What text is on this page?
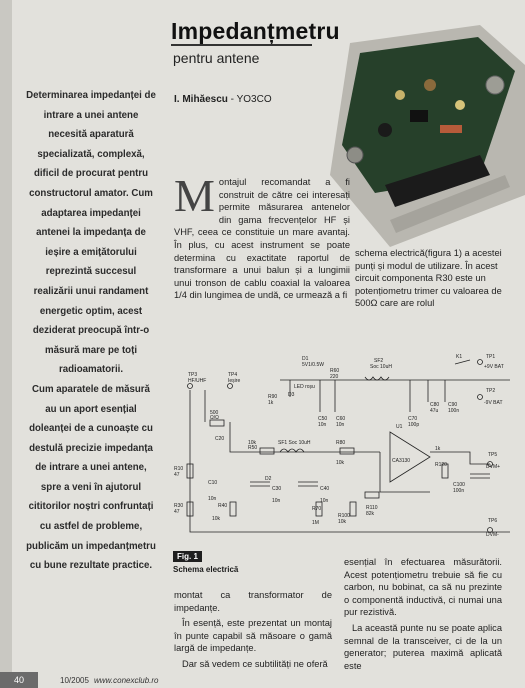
Impedanțmetru
pentru antene
I. Mihăescu - YO3CO

Determinarea impedanței de

intrare a unei antene

necesită aparatură

specializată, complexă,

dificil de procurat pentru

constructorul amator. Cum

adaptarea impedanței

antenei la impedanța de

ieșire a emițătorului

reprezintă succesul

realizării unui randament

energetic optim, acest

deziderat preocupă într-o

măsură mare pe toți

radioamatorii.

Cum aparatele de măsură

au un aport esențial

doleanței de a cunoaște cu

destulă precizie impedanța

de intrare a unei antene,

spre a veni în ajutorul

cititorilor noștri confruntați

cu astfel de probleme,

publicăm un impedanțmetru

cu bune rezultate practice.

M ontajul recomandat a fi construit de către cei interesați permite măsurarea antenelor din gama frecvențelor HF și VHF, ceea ce constituie un mare avantaj. În plus, cu acest instrument se poate determina cu exactitate raportul de transformare a unui balun și a lungimii unui tronson de cablu coaxial la valoarea 1/4 din lungimea de undă, ce urmează a fi

schema electrică(figura 1) a acestei punți și modul de utilizare. În acest circuit componenta R30 este un potențiometru trimer cu valoarea de 500Ω care are rolul

TP3
HF/UHF
TP4
Ieșire
500
Ω/Ω
C20
R10
47
R30
47
C10
10n
R40
10k
10k
R50
D2
C30
10n
SF1 Soc 10uH
C40
10n
R70
1M
R80
10k
R100
10k
R110
82k
U1
CA3130
R120
1k
C100
100n
TP5
DVM+
TP6
DVM-
C70
100p
D1
5V1/0.5W
R60
220
R90
1k
D3
LED roșu
C50
10n
C60
10n
SF2
Soc 10uH
C80
47u
K1
C90
100n
TP1
+9V BAT
TP2
-9V BAT
Fig. 1
Schema electrică

montat ca transformator de impedanțe.

În esență, este prezentat un montaj în punte capabil să măsoare o gamă largă de impedanțe.

Dar să vedem ce subtilități ne oferă

esențial în efectuarea măsurătorii. Acest potențiometru trebuie să fie cu carbon, nu bobinat, ca să nu prezinte o componentă inductivă, ci numai una pur rezistivă.

La această punte nu se poate aplica semnal de la transceiver, ci de la un generator; puterea maximă aplicată este

40	10/2005 www.conexclub.ro
